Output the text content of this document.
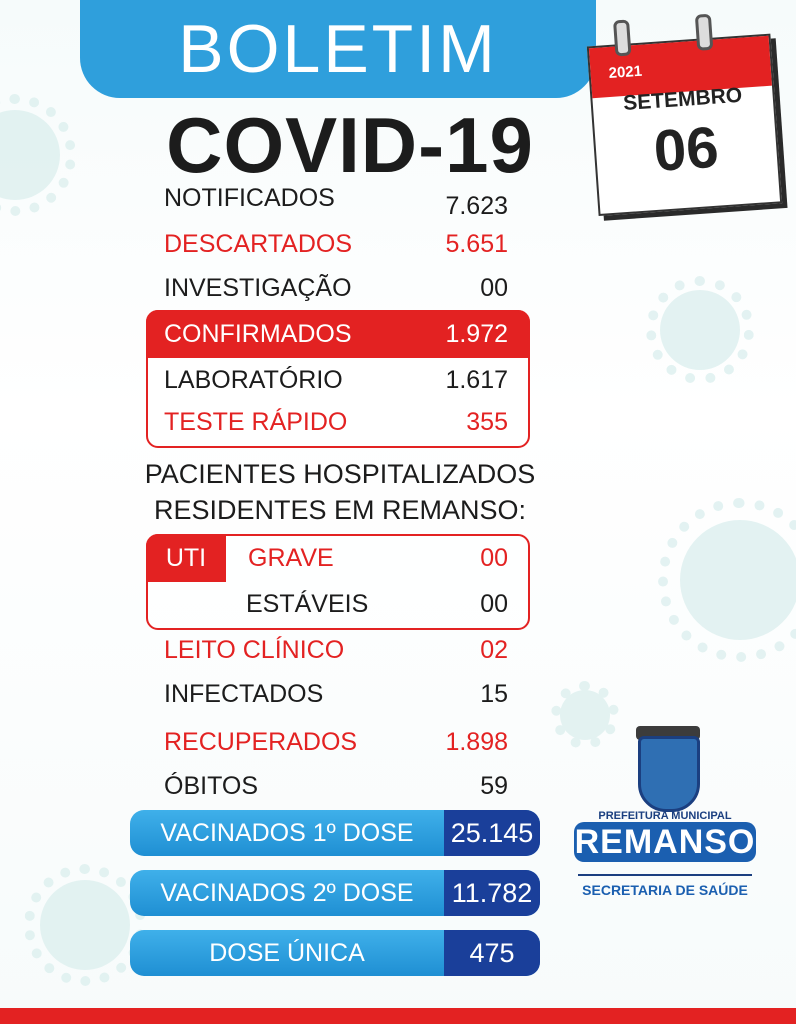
BOLETIM
COVID-19
2021
SETEMBRO
06
NOTIFICADOS	7.623
DESCARTADOS	5.651
INVESTIGAÇÃO	00
CONFIRMADOS	1.972
LABORATÓRIO	1.617
TESTE RÁPIDO	355
PACIENTES HOSPITALIZADOS
RESIDENTES EM REMANSO:
UTI	GRAVE	00
ESTÁVEIS	00
LEITO CLÍNICO	02
INFECTADOS	15
RECUPERADOS	1.898
ÓBITOS	59
VACINADOS 1º DOSE	25.145
VACINADOS 2º DOSE	11.782
DOSE ÚNICA	475
PREFEITURA MUNICIPAL
REMANSO
SECRETARIA DE SAÚDE
